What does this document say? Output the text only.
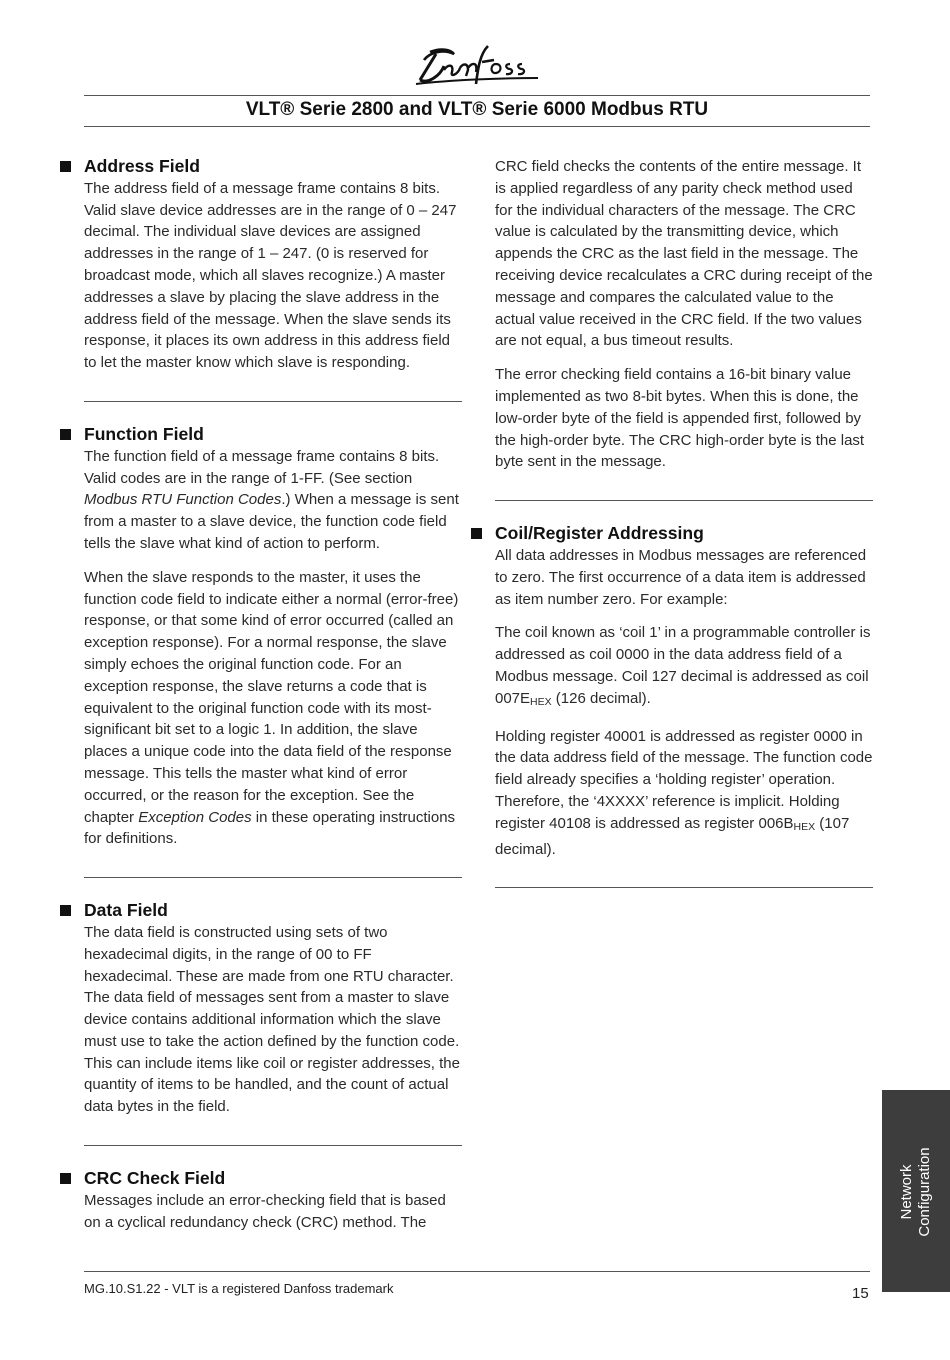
VLT® Serie 2800 and VLT® Serie 6000 Modbus RTU
Address Field

The address field of a message frame contains 8 bits. Valid slave device addresses are in the range of 0 – 247 decimal. The individual slave devices are assigned addresses in the range of 1 – 247. (0 is reserved for broadcast mode, which all slaves recognize.) A master addresses a slave by placing the slave address in the address field of the message. When the slave sends its response, it places its own address in this address field to let the master know which slave is responding.

Function Field

The function field of a message frame contains 8 bits. Valid codes are in the range of 1-FF. (See section Modbus RTU Function Codes.) When a message is sent from a master to a slave device, the function code field tells the slave what kind of action to perform.

When the slave responds to the master, it uses the function code field to indicate either a normal (error-free) response, or that some kind of error occurred (called an exception response). For a normal response, the slave simply echoes the original function code. For an exception response, the slave returns a code that is equivalent to the original function code with its most-significant bit set to a logic 1. In addition, the slave places a unique code into the data field of the response message. This tells the master what kind of error occurred, or the reason for the exception. See the chapter Exception Codes in these operating instructions for definitions.

Data Field

The data field is constructed using sets of two hexadecimal digits, in the range of 00 to FF hexadecimal. These are made from one RTU character. The data field of messages sent from a master to slave device contains additional information which the slave must use to take the action defined by the function code. This can include items like coil or register addresses, the quantity of items to be handled, and the count of actual data bytes in the field.

CRC Check Field

Messages include an error-checking field that is based on a cyclical redundancy check (CRC) method. The

CRC field checks the contents of the entire message. It is applied regardless of any parity check method used for the individual characters of the message. The CRC value is calculated by the transmitting device, which appends the CRC as the last field in the message. The receiving device recalculates a CRC during receipt of the message and compares the calculated value to the actual value received in the CRC field. If the two values are not equal, a bus timeout results.

The error checking field contains a 16-bit binary value implemented as two 8-bit bytes. When this is done, the low-order byte of the field is appended first, followed by the high-order byte. The CRC high-order byte is the last byte sent in the message.

Coil/Register Addressing

All data addresses in Modbus messages are referenced to zero. The first occurrence of a data item is addressed as item number zero. For example:

The coil known as ‘coil 1’ in a programmable controller is addressed as coil 0000 in the data address field of a Modbus message. Coil 127 decimal is addressed as coil $007E_{HEX}$ (126 decimal).

Holding register 40001 is addressed as register 0000 in the data address field of the message. The function code field already specifies a ‘holding register’ operation. Therefore, the ‘4XXXX’ reference is implicit. Holding register 40108 is addressed as register $006B_{HEX}$ (107 decimal).

Network Configuration
MG.10.S1.22 - VLT is a registered Danfoss trademark	15
